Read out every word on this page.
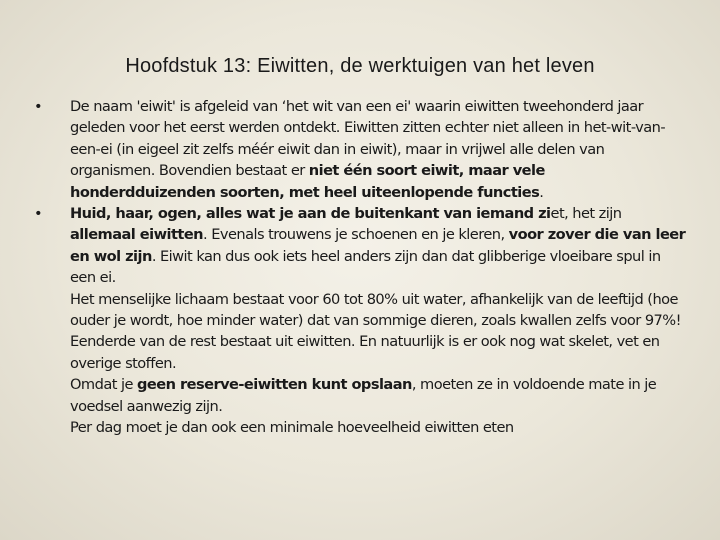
Hoofdstuk 13: Eiwitten, de werktuigen van het leven
• De naam 'eiwit' is afgeleid van ‘het wit van een ei' waarin eiwitten tweehonderd jaar geleden voor het eerst werden ontdekt. Eiwitten zitten echter niet alleen in het-wit-van-een-ei (in eigeel zit zelfs méér eiwit dan in eiwit), maar in vrijwel alle delen van organismen. Bovendien bestaat er niet één soort eiwit, maar vele honderdduizenden soorten, met heel uiteenlopende functies.
• Huid, haar, ogen, alles wat je aan de buitenkant van iemand ziet, het zijn allemaal eiwitten. Evenals trouwens je schoenen en je kleren, voor zover die van leer en wol zijn. Eiwit kan dus ook iets heel anders zijn dan dat glibberige vloeibare spul in een ei.
Het menselijke lichaam bestaat voor 60 tot 80% uit water, afhankelijk van de leeftijd (hoe ouder je wordt, hoe minder water) dat van sommige dieren, zoals kwallen zelfs voor 97%! Eenderde van de rest bestaat uit eiwitten. En natuurlijk is er ook nog wat skelet, vet en overige stoffen.
Omdat je geen reserve-eiwitten kunt opslaan, moeten ze in voldoende mate in je voedsel aanwezig zijn.
Per dag moet je dan ook een minimale hoeveelheid eiwitten eten
